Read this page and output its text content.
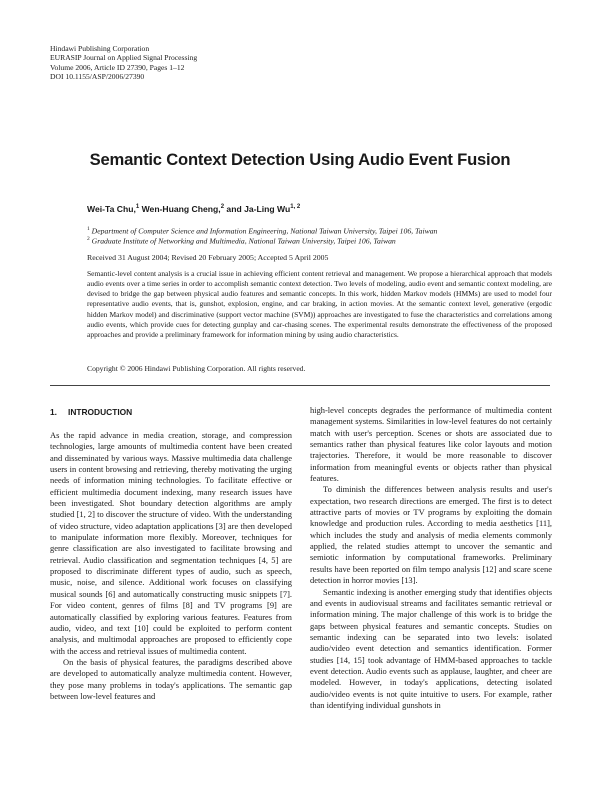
Hindawi Publishing Corporation
EURASIP Journal on Applied Signal Processing
Volume 2006, Article ID 27390, Pages 1–12
DOI 10.1155/ASP/2006/27390
Semantic Context Detection Using Audio Event Fusion
Wei-Ta Chu,$^1$ Wen-Huang Cheng,$^2$ and Ja-Ling Wu$^{1, 2}$
$^1$ Department of Computer Science and Information Engineering, National Taiwan University, Taipei 106, Taiwan
$^2$ Graduate Institute of Networking and Multimedia, National Taiwan University, Taipei 106, Taiwan
Received 31 August 2004; Revised 20 February 2005; Accepted 5 April 2005
Semantic-level content analysis is a crucial issue in achieving efficient content retrieval and management. We propose a hierarchical approach that models audio events over a time series in order to accomplish semantic context detection. Two levels of modeling, audio event and semantic context modeling, are devised to bridge the gap between physical audio features and semantic concepts. In this work, hidden Markov models (HMMs) are used to model four representative audio events, that is, gunshot, explosion, engine, and car braking, in action movies. At the semantic context level, generative (ergodic hidden Markov model) and discriminative (support vector machine (SVM)) approaches are investigated to fuse the characteristics and correlations among audio events, which provide cues for detecting gunplay and car-chasing scenes. The experimental results demonstrate the effectiveness of the proposed approaches and provide a preliminary framework for information mining by using audio characteristics.
Copyright © 2006 Hindawi Publishing Corporation. All rights reserved.
1. INTRODUCTION

As the rapid advance in media creation, storage, and compression technologies, large amounts of multimedia content have been created and disseminated by various ways. Massive multimedia data challenge users in content browsing and retrieving, thereby motivating the urging needs of information mining technologies. To facilitate effective or efficient multimedia document indexing, many research issues have been investigated. Shot boundary detection algorithms are amply studied [1, 2] to discover the structure of video. With the understanding of video structure, video adaptation applications [3] are then developed to manipulate information more flexibly. Moreover, techniques for genre classification are also investigated to facilitate browsing and retrieval. Audio classification and segmentation techniques [4, 5] are proposed to discriminate different types of audio, such as speech, music, noise, and silence. Additional work focuses on classifying musical sounds [6] and automatically constructing music snippets [7]. For video content, genres of films [8] and TV programs [9] are automatically classified by exploring various features. Features from audio, video, and text [10] could be exploited to perform content analysis, and multimodal approaches are proposed to efficiently cope with the access and retrieval issues of multimedia content.

On the basis of physical features, the paradigms described above are developed to automatically analyze multimedia content. However, they pose many problems in today's applications. The semantic gap between low-level features and

high-level concepts degrades the performance of multimedia content management systems. Similarities in low-level features do not certainly match with user's perception. Scenes or shots are associated due to semantics rather than physical features like color layouts and motion trajectories. Therefore, it would be more reasonable to discover information from meaningful events or objects rather than physical features.

To diminish the differences between analysis results and user's expectation, two research directions are emerged. The first is to detect attractive parts of movies or TV programs by exploiting the domain knowledge and production rules. According to media aesthetics [11], which includes the study and analysis of media elements commonly applied, the related studies attempt to uncover the semantic and semiotic information by computational frameworks. Preliminary results have been reported on film tempo analysis [12] and scare scene detection in horror movies [13].

Semantic indexing is another emerging study that identifies objects and events in audiovisual streams and facilitates semantic retrieval or information mining. The major challenge of this work is to bridge the gaps between physical features and semantic concepts. Studies on semantic indexing can be separated into two levels: isolated audio/video event detection and semantics identification. Former studies [14, 15] took advantage of HMM-based approaches to tackle event detection. Audio events such as applause, laughter, and cheer are modeled. However, in today's applications, detecting isolated audio/video events is not quite intuitive to users. For example, rather than identifying individual gunshots in
